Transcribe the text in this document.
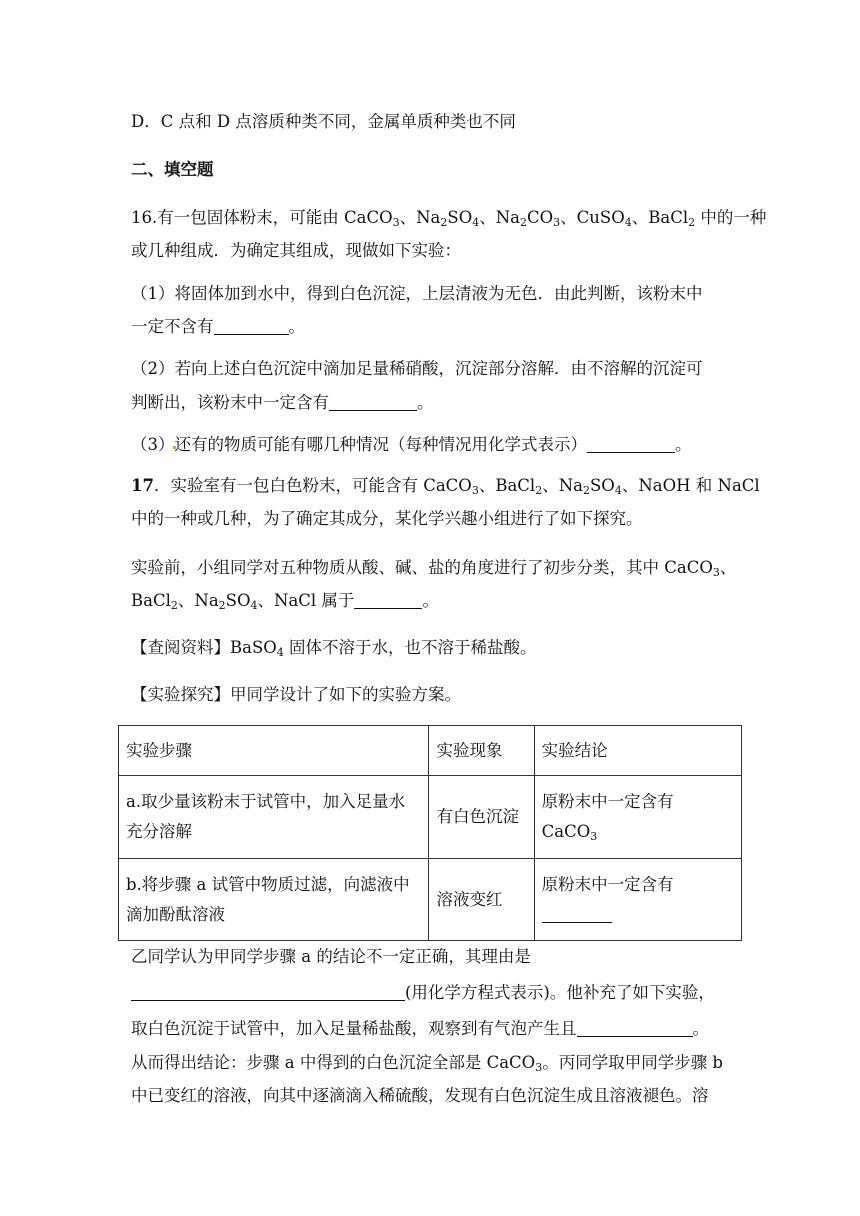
D．C 点和 D 点溶质种类不同，金属单质种类也不同
二、填空题
16.有一包固体粉末，可能由 CaCO$_3$、$Na_2SO_4$、$Na_2CO_3$、CuSO$_4$、BaCl$_2$ 中的一种
或几种组成．为确定其组成，现做如下实验：
（1）将固体加到水中，得到白色沉淀，上层清液为无色．由此判断，该粉末中
一定不含有	。
（2）若向上述白色沉淀中滴加足量稀硝酸，沉淀部分溶解．由不溶解的沉淀可
判断出，该粉末中一定含有	。
（3）还有的物质可能有哪几种情况（每种情况用化学式表示）	。
17．实验室有一包白色粉末，可能含有 CaCO$_3$、BaCl$_2$、$Na_2SO_4$、NaOH 和 NaCl
中的一种或几种，为了确定其成分，某化学兴趣小组进行了如下探究。
实验前，小组同学对五种物质从酸、碱、盐的角度进行了初步分类，其中 CaCO$_3$、
BaCl$_2$、$Na_2SO_4$、NaCl 属于	。
【查阅资料】BaSO$_4$ 固体不溶于水，也不溶于稀盐酸。
【实验探究】甲同学设计了如下的实验方案。
实验步骤	实验现象	实验结论

a.取少量该粉末于试管中，加入足量水
充分溶解	有白色沉淀	原粉末中一定含有 CaCO$_3$

b.将步骤 a 试管中物质过滤，向滤液中
滴加酚酞溶液	溶液变红	原粉末中一定含有
乙同学认为甲同学步骤 a 的结论不一定正确，其理由是
(用化学方程式表示)。他补充了如下实验，
取白色沉淀于试管中，加入足量稀盐酸，观察到有气泡产生且	。
从而得出结论：步骤 a 中得到的白色沉淀全部是 CaCO$_3$。丙同学取甲同学步骤 b
中已变红的溶液，向其中逐滴滴入稀硫酸，发现有白色沉淀生成且溶液褪色。溶
